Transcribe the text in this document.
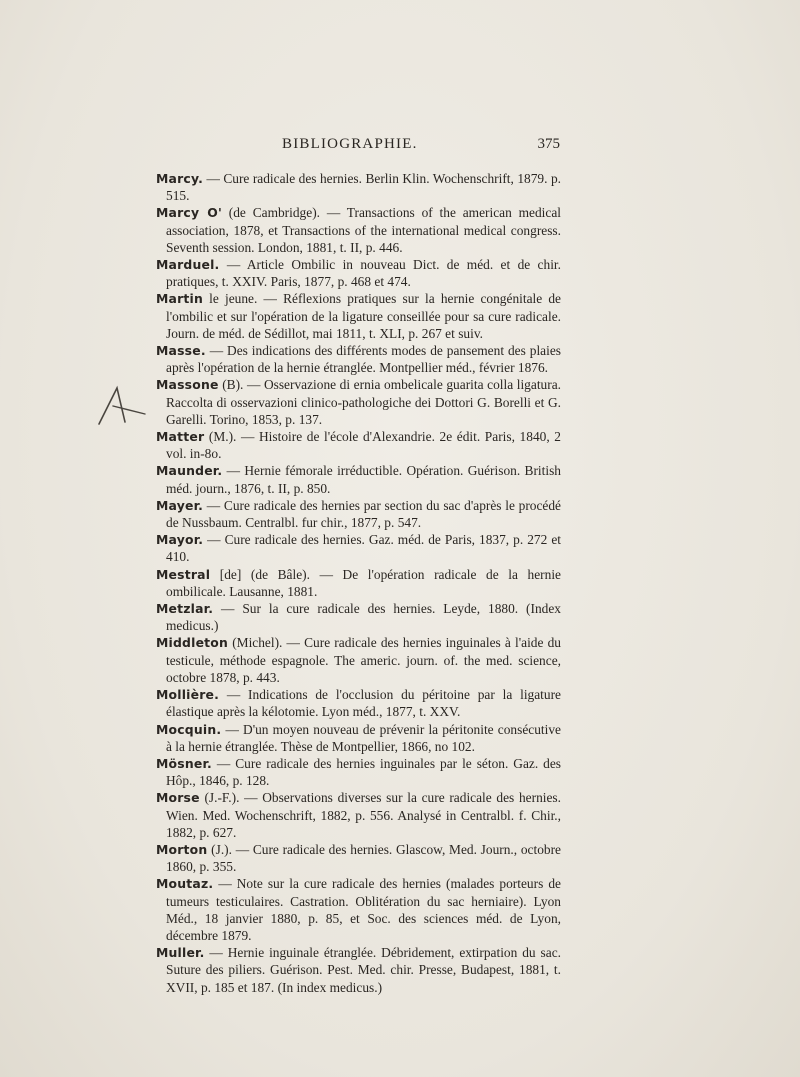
BIBLIOGRAPHIE.	375

Marcy. — Cure radicale des hernies. Berlin Klin. Wochenschrift, 1879. p. 515.

Marcy O' (de Cambridge). — Transactions of the american medical association, 1878, et Transactions of the international medical congress. Seventh session. London, 1881, t. II, p. 446.

Marduel. — Article Ombilic in nouveau Dict. de méd. et de chir. pratiques, t. XXIV. Paris, 1877, p. 468 et 474.

Martin le jeune. — Réflexions pratiques sur la hernie congénitale de l'ombilic et sur l'opération de la ligature conseillée pour sa cure radicale. Journ. de méd. de Sédillot, mai 1811, t. XLI, p. 267 et suiv.

Masse. — Des indications des différents modes de pansement des plaies après l'opération de la hernie étranglée. Montpellier méd., février 1876.

Massone (B). — Osservazione di ernia ombelicale guarita colla ligatura. Raccolta di osservazioni clinico-pathologiche dei Dottori G. Borelli et G. Garelli. Torino, 1853, p. 137.

Matter (M.). — Histoire de l'école d'Alexandrie. 2e édit. Paris, 1840, 2 vol. in-8o.

Maunder. — Hernie fémorale irréductible. Opération. Guérison. British méd. journ., 1876, t. II, p. 850.

Mayer. — Cure radicale des hernies par section du sac d'après le procédé de Nussbaum. Centralbl. fur chir., 1877, p. 547.

Mayor. — Cure radicale des hernies. Gaz. méd. de Paris, 1837, p. 272 et 410.

Mestral [de] (de Bâle). — De l'opération radicale de la hernie ombilicale. Lausanne, 1881.

Metzlar. — Sur la cure radicale des hernies. Leyde, 1880. (Index medicus.)

Middleton (Michel). — Cure radicale des hernies inguinales à l'aide du testicule, méthode espagnole. The americ. journ. of. the med. science, octobre 1878, p. 443.

Mollière. — Indications de l'occlusion du péritoine par la ligature élastique après la kélotomie. Lyon méd., 1877, t. XXV.

Mocquin. — D'un moyen nouveau de prévenir la péritonite consécutive à la hernie étranglée. Thèse de Montpellier, 1866, no 102.

Mösner. — Cure radicale des hernies inguinales par le séton. Gaz. des Hôp., 1846, p. 128.

Morse (J.-F.). — Observations diverses sur la cure radicale des hernies. Wien. Med. Wochenschrift, 1882, p. 556. Analysé in Centralbl. f. Chir., 1882, p. 627.

Morton (J.). — Cure radicale des hernies. Glascow, Med. Journ., octobre 1860, p. 355.

Moutaz. — Note sur la cure radicale des hernies (malades porteurs de tumeurs testiculaires. Castration. Oblitération du sac herniaire). Lyon Méd., 18 janvier 1880, p. 85, et Soc. des sciences méd. de Lyon, décembre 1879.

Muller. — Hernie inguinale étranglée. Débridement, extirpation du sac. Suture des piliers. Guérison. Pest. Med. chir. Presse, Budapest, 1881, t. XVII, p. 185 et 187. (In index medicus.)
